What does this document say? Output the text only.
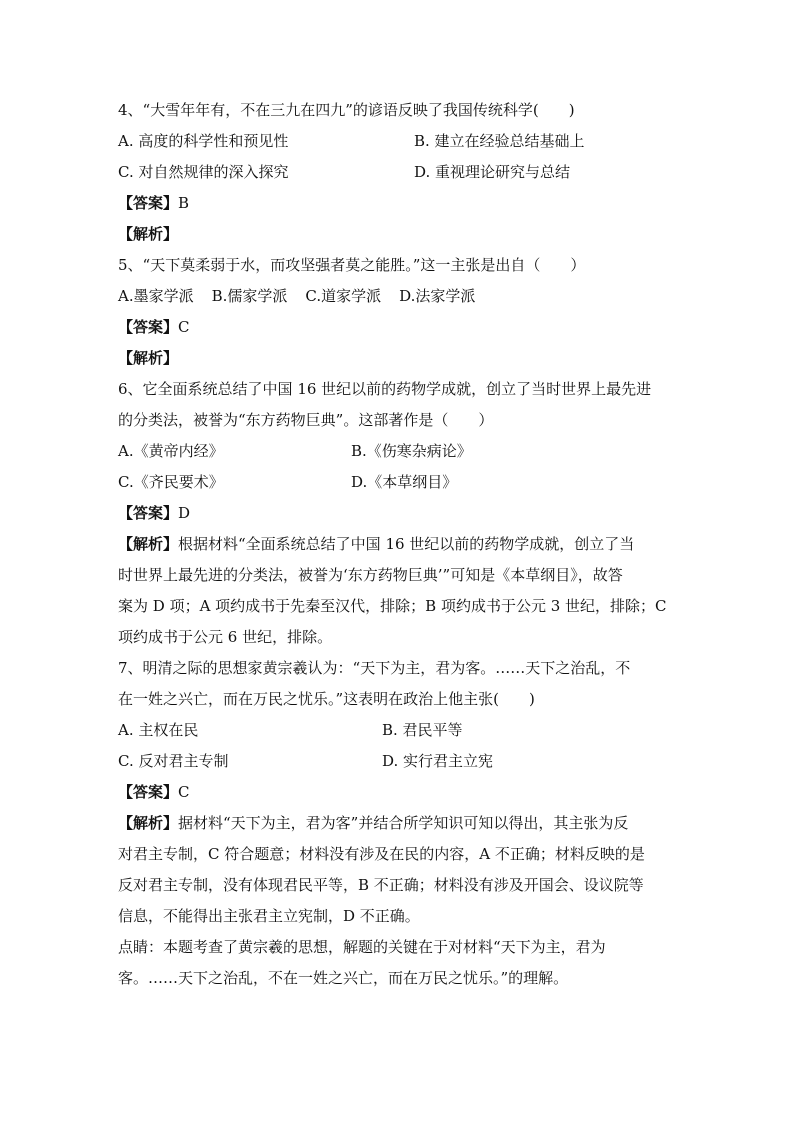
4、“大雪年年有，不在三九在四九”的谚语反映了我国传统科学(　　)
A. 高度的科学性和预见性	B. 建立在经验总结基础上
C. 对自然规律的深入探究	D. 重视理论研究与总结
【答案】B
【解析】
5、“天下莫柔弱于水，而攻坚强者莫之能胜。”这一主张是出自（　　）
A.墨家学派 B.儒家学派 C.道家学派 D.法家学派
【答案】C
【解析】
6、它全面系统总结了中国 16 世纪以前的药物学成就，创立了当时世界上最先进
的分类法，被誉为“东方药物巨典”。这部著作是（　　）
A.《黄帝内经》	B.《伤寒杂病论》
C.《齐民要术》	D.《本草纲目》
【答案】D
【解析】根据材料“全面系统总结了中国 16 世纪以前的药物学成就，创立了当
时世界上最先进的分类法，被誉为‘东方药物巨典’”可知是《本草纲目》，故答
案为 D 项；A 项约成书于先秦至汉代，排除；B 项约成书于公元 3 世纪，排除；C
项约成书于公元 6 世纪，排除。
7、明清之际的思想家黄宗羲认为：“天下为主，君为客。……天下之治乱，不
在一姓之兴亡，而在万民之忧乐。”这表明在政治上他主张(　　)
A. 主权在民	B. 君民平等
C. 反对君主专制	D. 实行君主立宪
【答案】C
【解析】据材料“天下为主，君为客”并结合所学知识可知以得出，其主张为反
对君主专制，C 符合题意；材料没有涉及在民的内容，A 不正确；材料反映的是
反对君主专制，没有体现君民平等，B 不正确；材料没有涉及开国会、设议院等
信息，不能得出主张君主立宪制，D 不正确。
点睛：本题考查了黄宗羲的思想，解题的关键在于对材料“天下为主，君为
客。……天下之治乱，不在一姓之兴亡，而在万民之忧乐。”的理解。
